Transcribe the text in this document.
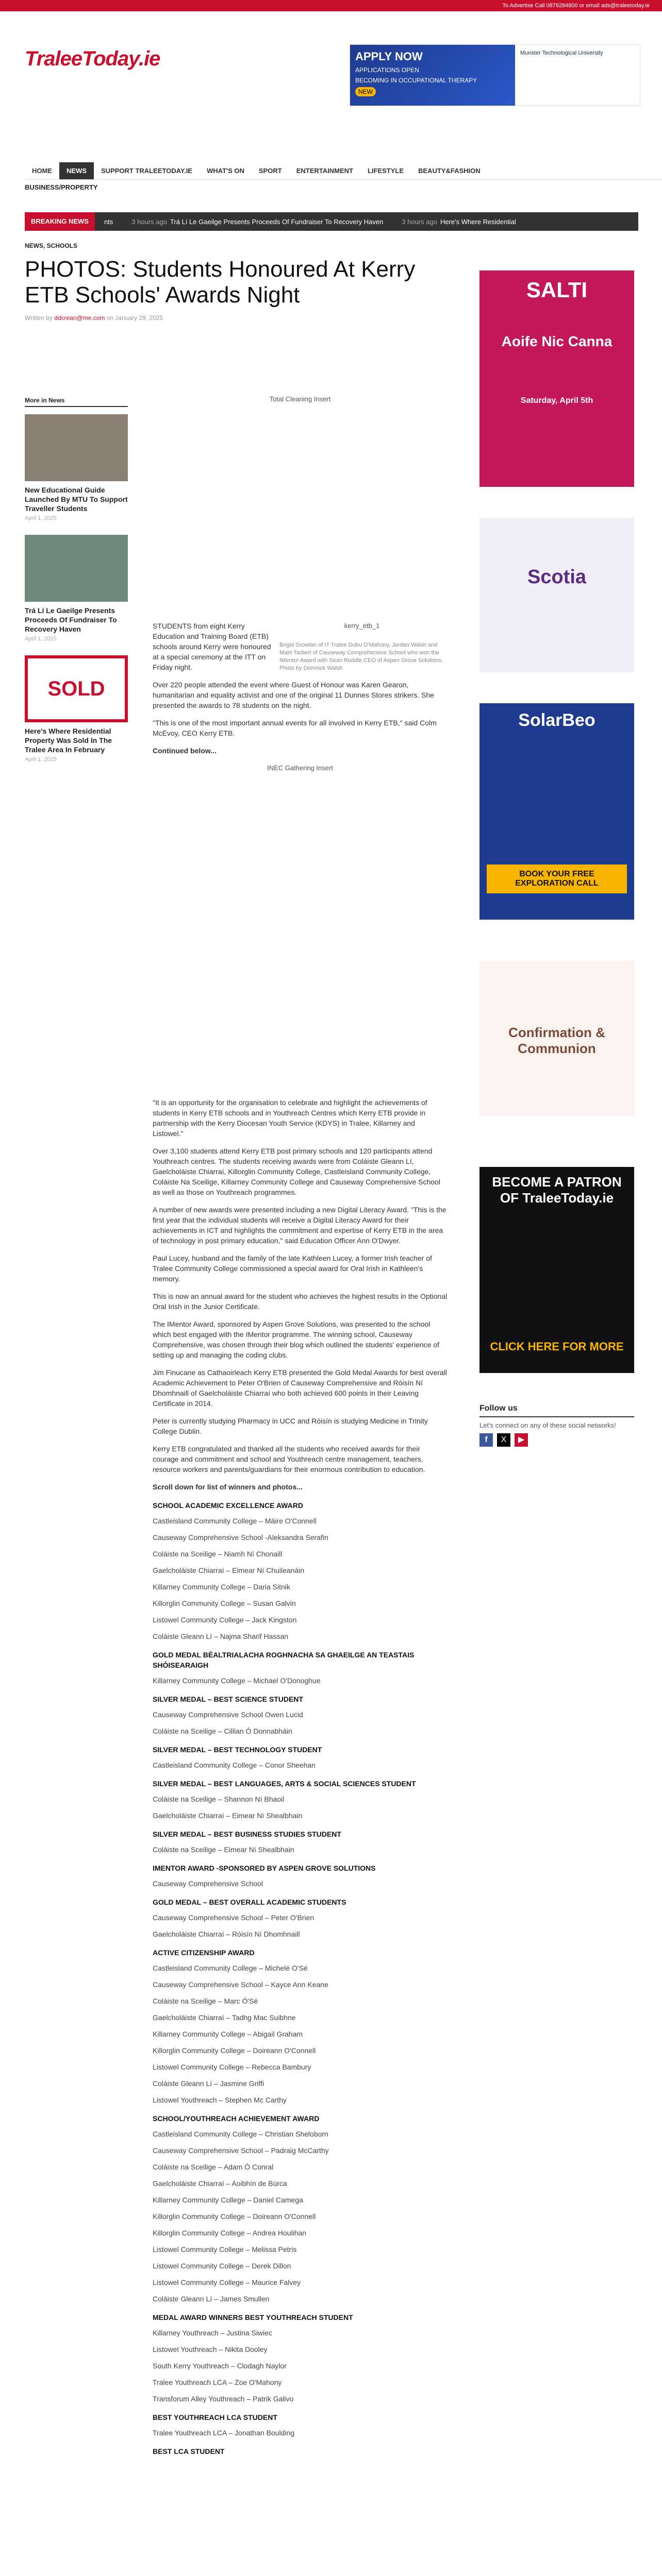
To Advertise Call 0879284800 or email ads@traleetoday.ie
TraleeToday.ie	APPLY NOW
APPLICATIONS OPEN
BECOMING IN OCCUPATIONAL THERAPY
NEW
Munster Technological University
HOME	NEWS	SUPPORT TRALEETODAY.IE	WHAT'S ON	SPORT	ENTERTAINMENT	LIFESTYLE	BEAUTY&FASHION
BUSINESS/PROPERTY
BREAKING NEWS	nts	3 hours ago Trá Lí Le Gaeilge Presents Proceeds Of Fundraiser To Recovery Haven	3 hours ago Here's Where Residential
NEWS, SCHOOLS
PHOTOS: Students Honoured At Kerry ETB Schools' Awards Night
Written by ddcrean@me.com on January 29, 2025
More in News
New Educational Guide Launched By MTU To Support Traveller Students
April 1, 2025
Trá Lí Le Gaeilge Presents Proceeds Of Fundraiser To Recovery Haven
April 1, 2025
SOLD
Here's Where Residential Property Was Sold In The Tralee Area In February
April 1, 2025
Total Cleaning Insert

STUDENTS from eight Kerry Education and Training Board (ETB) schools around Kerry were honoured at a special ceremony at the ITT on Friday night.

kerry_etb_1
Brigid Growlan of IT Tralee Dubu O'Mahony, Jordan Walsh and Mairt Tarbert of Causeway Comprehensive School who won the IMentor Award with Sean Ruddle CEO of Aspen Grove Solutions. Photo by Domnick Walsh

Over 220 people attended the event where Guest of Honour was Karen Gearon, humanitarian and equality activist and one of the original 11 Dunnes Stores strikers. She presented the awards to 78 students on the night.

"This is one of the most important annual events for all involved in Kerry ETB," said Colm McEvoy, CEO Kerry ETB.

Continued below...

INEC Gathering Insert

"It is an opportunity for the organisation to celebrate and highlight the achievements of students in Kerry ETB schools and in Youthreach Centres which Kerry ETB provide in partnership with the Kerry Diocesan Youth Service (KDYS) in Tralee, Killarney and Listowel."

Over 3,100 students attend Kerry ETB post primary schools and 120 participants attend Youthreach centres. The students receiving awards were from Coláiste Gleann Lí, Gaelcholáiste Chiarraí, Killorglin Community College, Castleisland Community College, Coláiste Na Sceilige, Killarney Community College and Causeway Comprehensive School as well as those on Youthreach programmes.

A number of new awards were presented including a new Digital Literacy Award. "This is the first year that the individual students will receive a Digital Literacy Award for their achievements in ICT and highlights the commitment and expertise of Kerry ETB in the area of technology in post primary education," said Education Officer Ann O'Dwyer.

Paul Lucey, husband and the family of the late Kathleen Lucey, a former Irish teacher of Tralee Community College commissioned a special award for Oral Irish in Kathleen's memory.

This is now an annual award for the student who achieves the highest results in the Optional Oral Irish in the Junior Certificate.

The IMentor Award, sponsored by Aspen Grove Solutions, was presented to the school which best engaged with the IMentor programme. The winning school, Causeway Comprehensive, was chosen through their blog which outlined the students' experience of setting up and managing the coding clubs.

Jim Finucane as Cathaoirleach Kerry ETB presented the Gold Medal Awards for best overall Academic Achievement to Peter O'Brien of Causeway Comprehensive and Róisín Ní Dhomhnaill of Gaelcholáiste Chiarraí who both achieved 600 points in their Leaving Certificate in 2014.

Peter is currently studying Pharmacy in UCC and Róisín is studying Medicine in Trinity College Dublin.

Kerry ETB congratulated and thanked all the students who received awards for their courage and commitment and school and Youthreach centre management, teachers, resource workers and parents/guardians for their enormous contribution to education.

Scroll down for list of winners and photos...

SCHOOL ACADEMIC EXCELLENCE AWARD
Castleisland Community College – Máire O'Connell
Causeway Comprehensive School -Aleksandra Serafin
Coláiste na Sceilige – Niamh Ní Chonaill
Gaelcholáiste Chiarraí – Eimear Ní Chuileanáin
Killarney Community College – Daria Sitnik
Killorglin Community College – Susan Galvin
Listowel Community College – Jack Kingston
Coláiste Gleann Lí – Najma Sharif Hassan
GOLD MEDAL BÉALTRIALACHA ROGHNACHA SA GHAEILGE AN TEASTAIS SHÓISEARAIGH
Killarney Community College – Michael O'Donoghue
SILVER MEDAL – BEST SCIENCE STUDENT
Causeway Comprehensive School Owen Lucid
Coláiste na Sceilige – Cillian Ó Donnabháin
SILVER MEDAL – BEST TECHNOLOGY STUDENT
Castleisland Community College – Conor Sheehan
SILVER MEDAL – BEST LANGUAGES, ARTS & SOCIAL SCIENCES STUDENT
Coláiste na Sceilige – Shannon Ní Bhaoil
Gaelcholáiste Chiarraí – Eimear Ní Shealbhain
SILVER MEDAL – BEST BUSINESS STUDIES STUDENT
Coláiste na Sceilige – Eimear Ní Shealbhain
IMENTOR AWARD -SPONSORED BY ASPEN GROVE SOLUTIONS
Causeway Comprehensive School
GOLD MEDAL – BEST OVERALL ACADEMIC STUDENTS
Causeway Comprehensive School – Peter O'Brien
Gaelcholáiste Chiarraí – Róisín Ní Dhomhnaill
ACTIVE CITIZENSHIP AWARD
Castleisland Community College – Michelé O'Sé
Causeway Comprehensive School – Kayce Ann Keane
Coláiste na Sceilige – Marc Ó'Sé
Gaelcholáiste Chiarraí – Tadhg Mac Suibhne
Killarney Community College – Abigail Graham
Killorglin Community College – Doireann O'Connell
Listowel Community College – Rebecca Bambury
Coláiste Gleann Lí – Jasmine Griffi
Listowel Youthreach – Stephen Mc Carthy
SCHOOL/YOUTHREACH ACHIEVEMENT AWARD
Castleisland Community College – Christian Sheloborn
Causeway Comprehensive School – Padraig McCarthy
Coláiste na Sceilige – Adam Ó Conral
Gaelcholáiste Chiarraí – Aoibhín de Búrca
Killarney Community College – Daniel Camega
Killorglin Community College – Doireann O'Connell
Killorglin Community College – Andrea Houlihan
Listowel Community College – Melissa Petris
Listowel Community College – Derek Dillon
Listowel Community College – Maurice Falvey
Coláiste Gleann Lí – James Smullen
MEDAL AWARD WINNERS BEST YOUTHREACH STUDENT
Killarney Youthreach – Justina Siwiec
Listowel Youthreach – Nikita Dooley
South Kerry Youthreach – Clodagh Naylor
Tralee Youthreach LCA – Zoe O'Mahony
Transforum Alley Youthreach – Patrik Galivo
BEST YOUTHREACH LCA STUDENT
Tralee Youthreach LCA – Jonathan Boulding
BEST LCA STUDENT
SALTI
Aoife Nic Canna
Saturday, April 5th
Scotia
SolarBeo
BOOK YOUR FREE EXPLORATION CALL
Confirmation & Communion
BECOME A PATRON OF TraleeToday.ie
CLICK HERE FOR MORE
Follow us
Let's connect on any of these social networks!
f	X	▶
